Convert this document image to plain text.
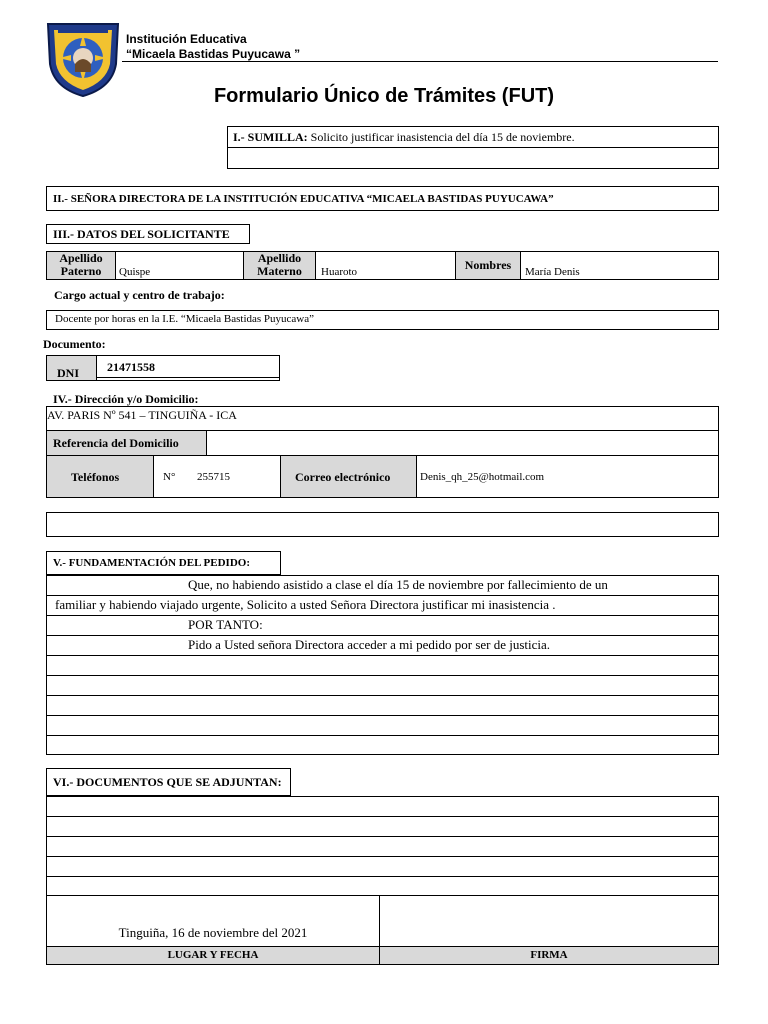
Institución Educativa
“Micaela Bastidas Puyucawa ”
Formulario Único de Trámites (FUT)
I.- SUMILLA: Solicito justificar inasistencia del día 15 de noviembre.
II.- SEÑORA DIRECTORA DE LA INSTITUCIÓN EDUCATIVA “MICAELA BASTIDAS PUYUCAWA”
III.- DATOS DEL SOLICITANTE
Apellido Paterno	Quispe
Apellido Materno	Huaroto	Nombres	María Denis
Cargo actual y centro de trabajo:
Docente por horas en la I.E. “Micaela Bastidas Puyucawa”
Documento:
DNI 21471558
IV.- Dirección y/o Domicilio:
AV. PARIS Nº 541 – TINGUIÑA - ICA
Referencia del Domicilio
Teléfonos	N° 255715	Correo electrónico	Denis_qh_25@hotmail.com
V.- FUNDAMENTACIÓN DEL PEDIDO:
Que, no habiendo asistido a clase el día 15 de noviembre por fallecimiento de un
familiar y habiendo viajado urgente, Solicito a usted Señora Directora justificar mi inasistencia .
POR TANTO:
Pido a Usted señora Directora acceder a mi pedido por ser de justicia.
VI.- DOCUMENTOS QUE SE ADJUNTAN:
Tinguiña, 16 de noviembre del 2021
LUGAR Y FECHA	FIRMA
